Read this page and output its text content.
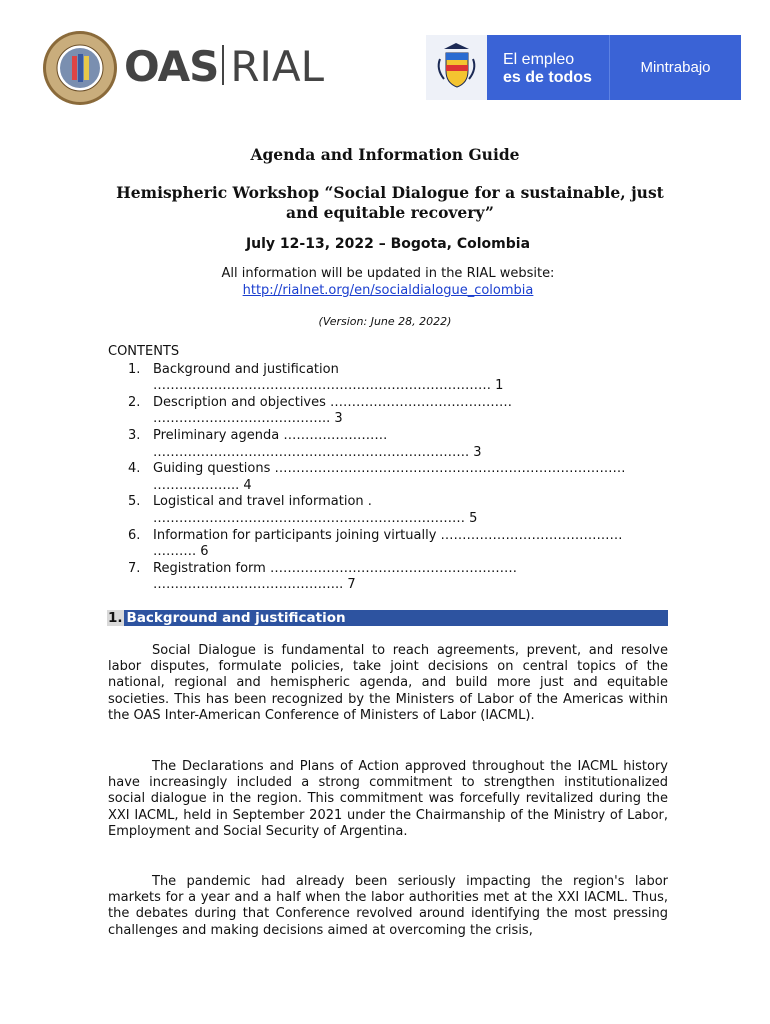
OAS RIAL	El empleo
es de todos
Mintrabajo
Agenda and Information Guide
Hemispheric Workshop “Social Dialogue for a sustainable, just and equitable recovery”
July 12-13, 2022 – Bogota, Colombia
All information will be updated in the RIAL website:
http://rialnet.org/en/socialdialogue_colombia
(Version: June 28, 2022)
CONTENTS
1. Background and justification
…………………………………………………………………… 1
2. Description and objectives ……………………………………
………………………………….. 3
3. Preliminary agenda ……………………
………………………………………………………………. 3
4. Guiding questions ………………………………………………………………………
……………….. 4
5. Logistical and travel information .
……………………………………………………………… 5
6. Information for participants joining virtually ……………………………………
………. 6
7. Registration form …………………………………………………
…………………………………….. 7
1. Background and justification

Social Dialogue is fundamental to reach agreements, prevent, and resolve labor disputes, formulate policies, take joint decisions on central topics of the national, regional and hemispheric agenda, and build more just and equitable societies. This has been recognized by the Ministers of Labor of the Americas within the OAS Inter-American Conference of Ministers of Labor (IACML).

The Declarations and Plans of Action approved throughout the IACML history have increasingly included a strong commitment to strengthen institutionalized social dialogue in the region. This commitment was forcefully revitalized during the XXI IACML, held in September 2021 under the Chairmanship of the Ministry of Labor, Employment and Social Security of Argentina.

The pandemic had already been seriously impacting the region's labor markets for a year and a half when the labor authorities met at the XXI IACML. Thus, the debates during that Conference revolved around identifying the most pressing challenges and making decisions aimed at overcoming the crisis,
